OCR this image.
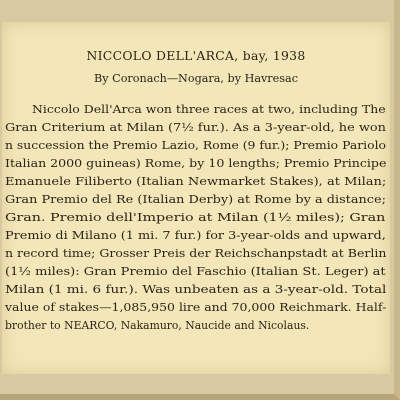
NICCOLO DELL'ARCA, bay, 1938
By Coronach—Nogara, by Havresac
Niccolo Dell'Arca won three races at two, including The
Gran Criterium at Milan (7½ fur.). As a 3-year-old, he won
n succession the Premio Lazio, Rome (9 fur.); Premio Pariolo
Italian 2000 guineas) Rome, by 10 lengths; Premio Principe
Emanuele Filiberto (Italian Newmarket Stakes), at Milan;
Gran Premio del Re (Italian Derby) at Rome by a distance;
Gran. Premio dell'Imperio at Milan (1½ miles); Gran
Premio di Milano (1 mi. 7 fur.) for 3-year-olds and upward,
n record time; Grosser Preis der Reichschanpstadt at Berlin
(1½ miles): Gran Premio del Faschio (Italian St. Leger) at
Milan (1 mi. 6 fur.). Was unbeaten as a 3-year-old. Total
value of stakes—1,085,950 lire and 70,000 Reichmark. Half-
brother to NEARCO, Nakamuro, Naucide and Nicolaus.
